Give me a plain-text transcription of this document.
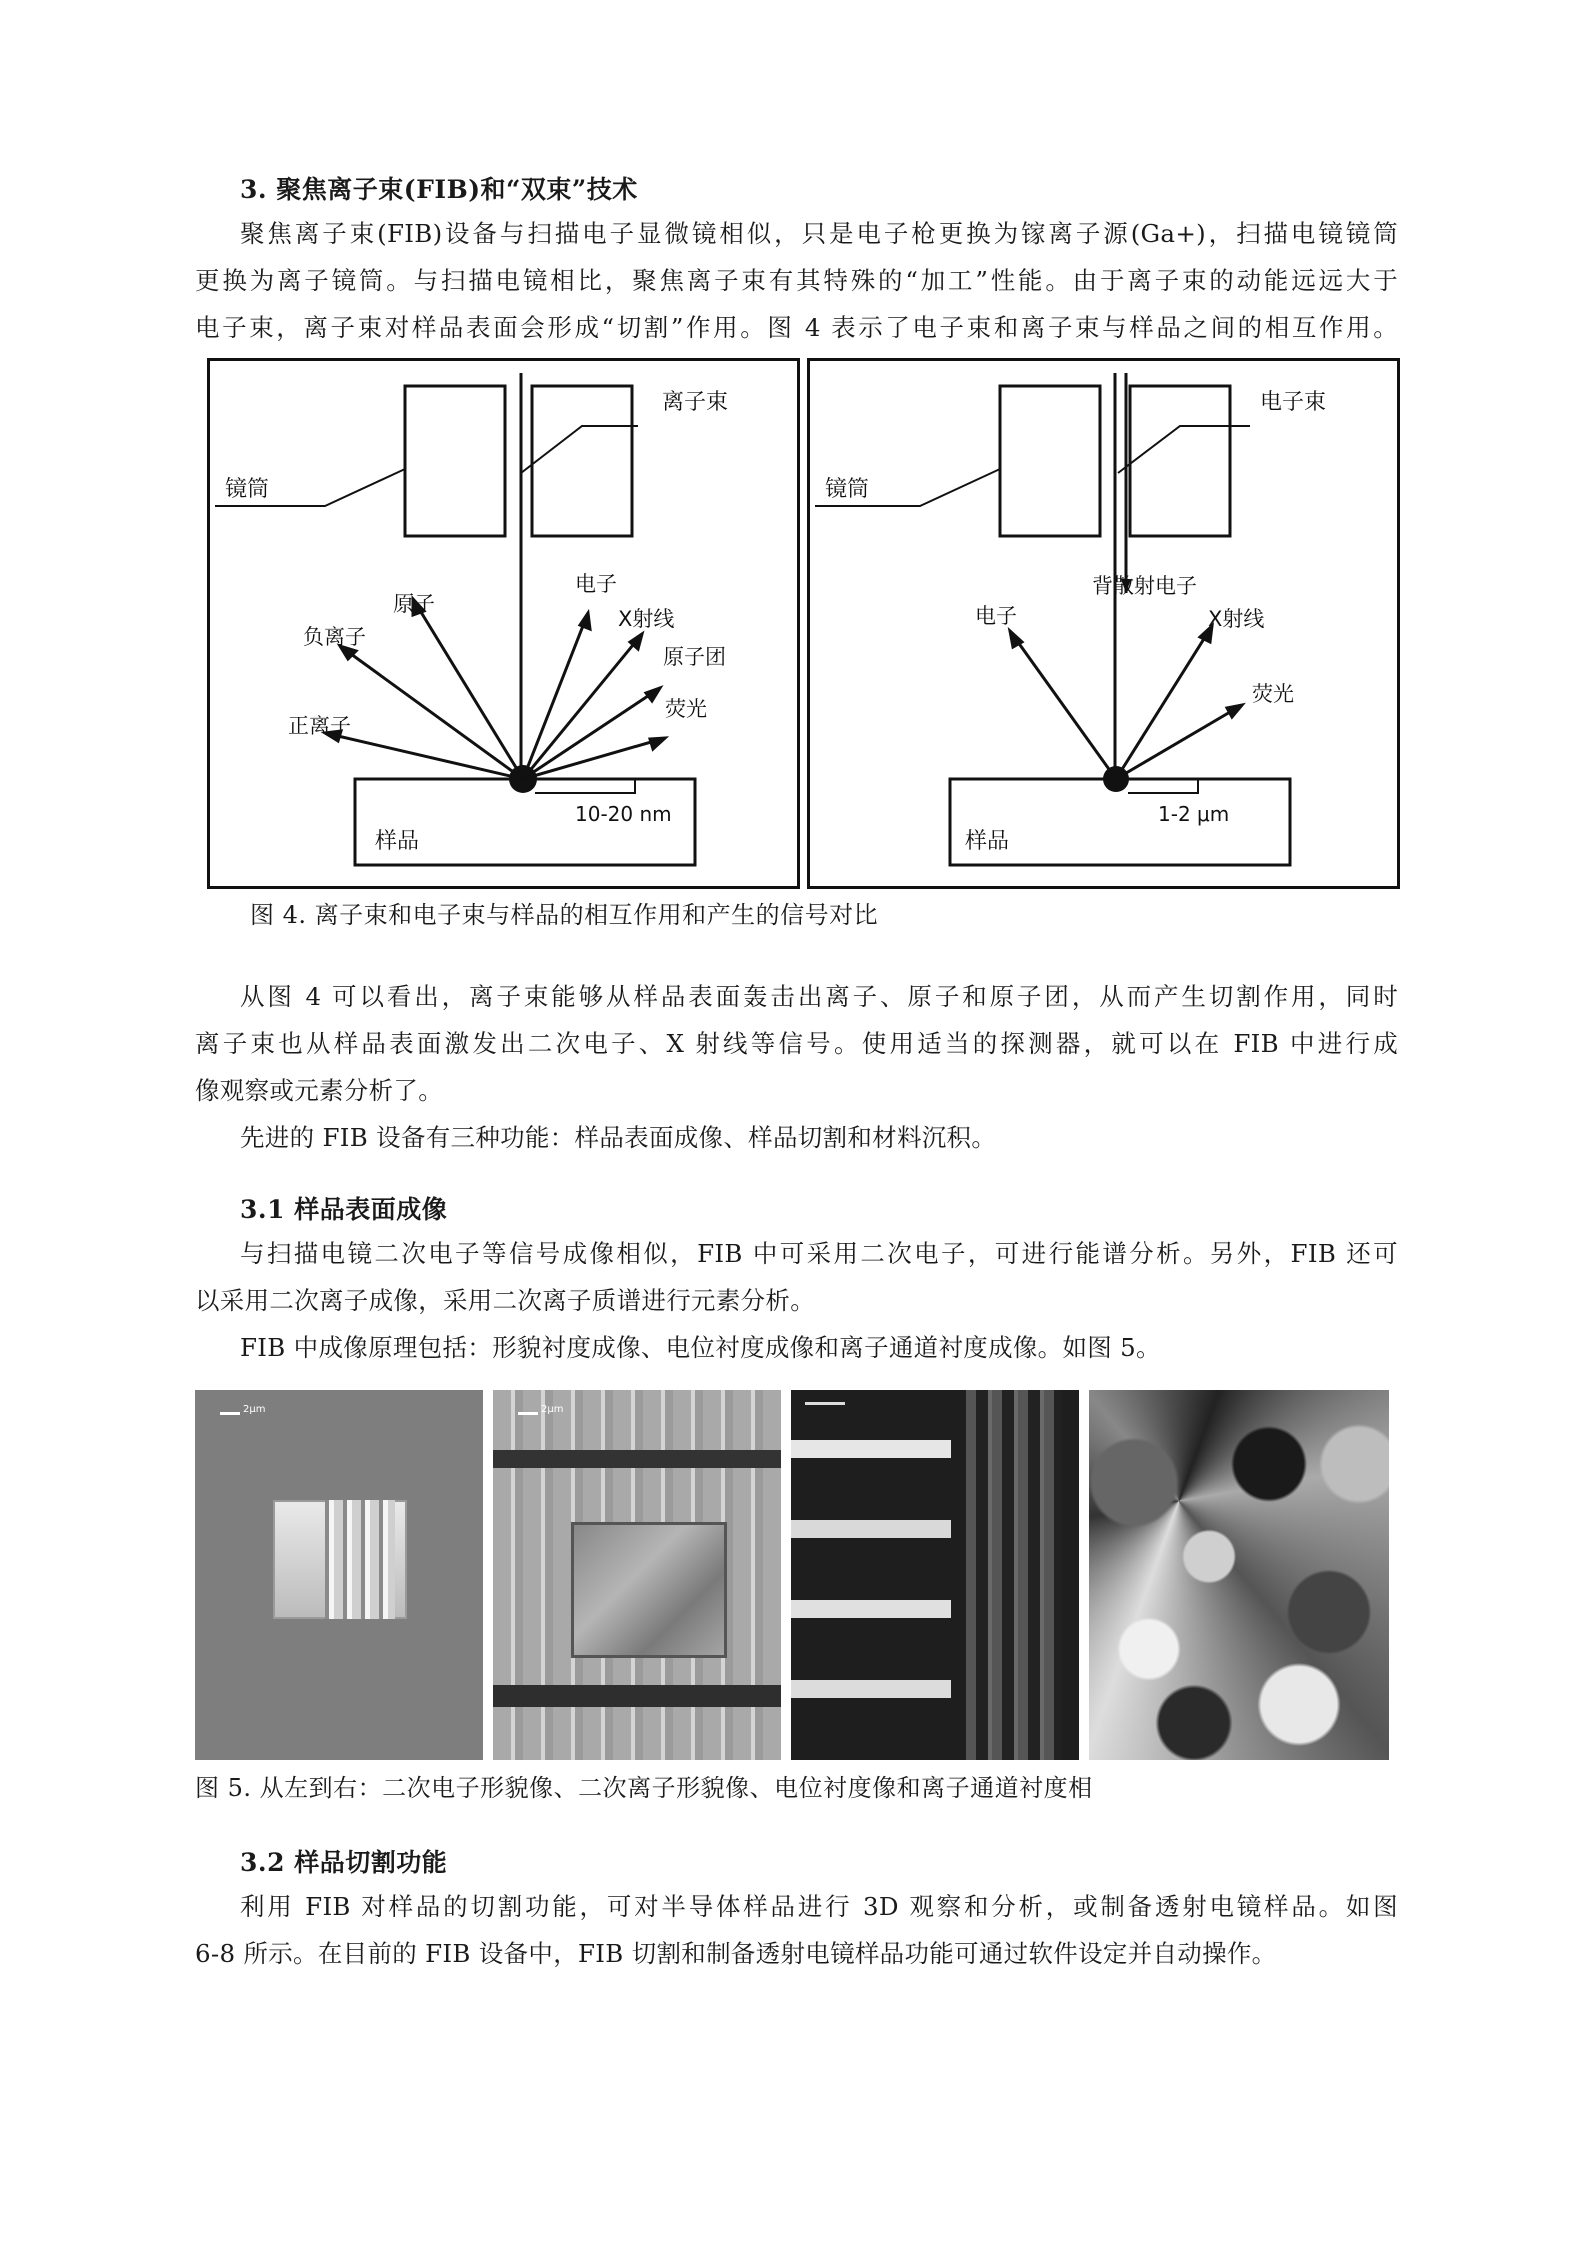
3. 聚焦离子束(FIB)和“双束”技术
聚焦离子束(FIB)设备与扫描电子显微镜相似，只是电子枪更换为镓离子源(Ga+)，扫描电镜镜筒
更换为离子镜筒。与扫描电镜相比，聚焦离子束有其特殊的“加工”性能。由于离子束的动能远远大于
电子束，离子束对样品表面会形成“切割”作用。图 4 表示了电子束和离子束与样品之间的相互作用。
离子束
镜筒
样品
10-20 nm
原子
负离子
正离子
电子
X射线
原子团
荧光
电子束
镜筒
样品
1-2 μm
背散射电子
电子	X射线
荧光
图 4. 离子束和电子束与样品的相互作用和产生的信号对比
从图 4 可以看出，离子束能够从样品表面轰击出离子、原子和原子团，从而产生切割作用，同时
离子束也从样品表面激发出二次电子、X 射线等信号。使用适当的探测器，就可以在 FIB 中进行成
像观察或元素分析了。
先进的 FIB 设备有三种功能：样品表面成像、样品切割和材料沉积。
3.1 样品表面成像
与扫描电镜二次电子等信号成像相似，FIB 中可采用二次电子，可进行能谱分析。另外，FIB 还可
以采用二次离子成像，采用二次离子质谱进行元素分析。
FIB 中成像原理包括：形貌衬度成像、电位衬度成像和离子通道衬度成像。如图 5。
2μm	2μm
图 5. 从左到右：二次电子形貌像、二次离子形貌像、电位衬度像和离子通道衬度相
3.2 样品切割功能
利用 FIB 对样品的切割功能，可对半导体样品进行 3D 观察和分析，或制备透射电镜样品。如图
6-8 所示。在目前的 FIB 设备中，FIB 切割和制备透射电镜样品功能可通过软件设定并自动操作。
